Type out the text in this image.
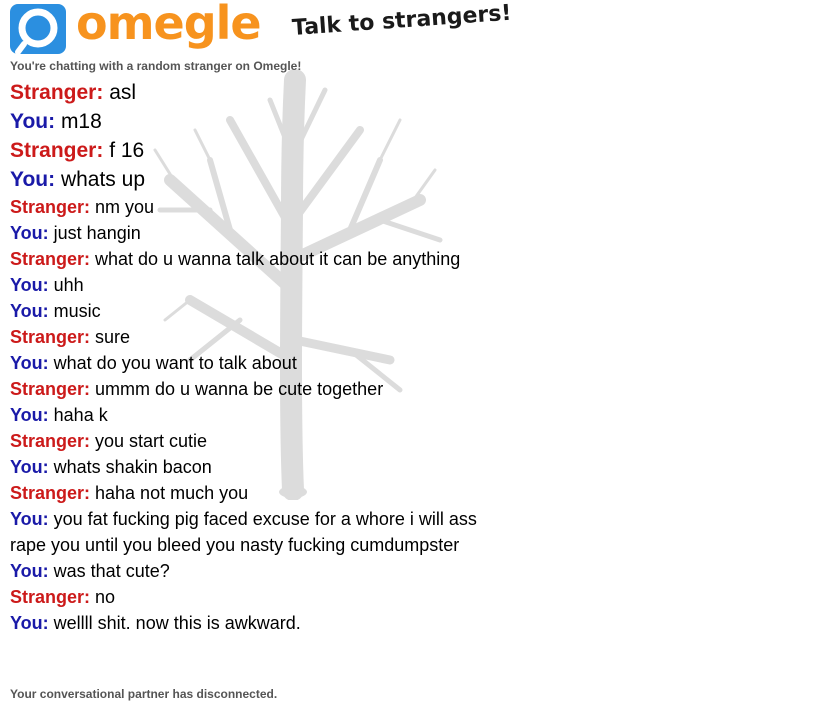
omegle Talk to strangers!
You're chatting with a random stranger on Omegle!
Stranger: asl
You: m18
Stranger: f 16
You: whats up
Stranger: nm you
You: just hangin
Stranger: what do u wanna talk about it can be anything
You: uhh
You: music
Stranger: sure
You: what do you want to talk about
Stranger: ummm do u wanna be cute together
You: haha k
Stranger: you start cutie
You: whats shakin bacon
Stranger: haha not much you
You: you fat fucking pig faced excuse for a whore i will ass rape you until you bleed you nasty fucking cumdumpster
You: was that cute?
Stranger: no
You: wellll shit. now this is awkward.
Your conversational partner has disconnected.
